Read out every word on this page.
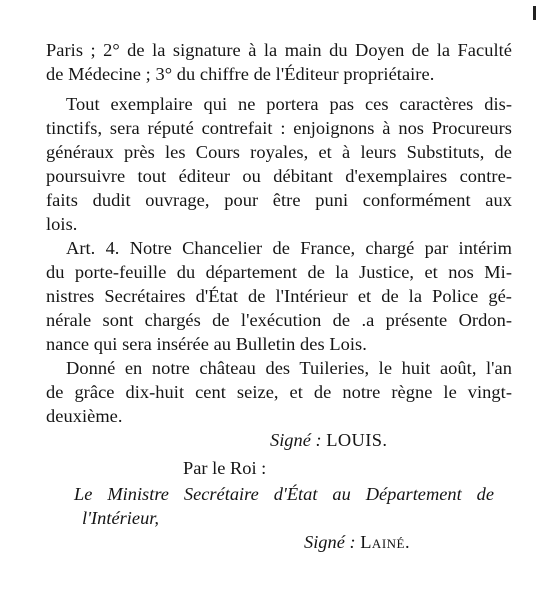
Paris ; 2° de la signature à la main du Doyen de la Faculté
de Médecine ; 3° du chiffre de l'Éditeur propriétaire.
Tout exemplaire qui ne portera pas ces caractères dis-
tinctifs, sera réputé contrefait : enjoignons à nos Procureurs
généraux près les Cours royales, et à leurs Substituts, de
poursuivre tout éditeur ou débitant d'exemplaires contre-
faits dudit ouvrage, pour être puni conformément aux
lois.
Art. 4. Notre Chancelier de France, chargé par intérim
du porte-feuille du département de la Justice, et nos Mi-
nistres Secrétaires d'État de l'Intérieur et de la Police gé-
nérale sont chargés de l'exécution de .a présente Ordon-
nance qui sera insérée au Bulletin des Lois.
Donné en notre château des Tuileries, le huit août, l'an
de grâce dix-huit cent seize, et de notre règne le vingt-
deuxième.
Signé : LOUIS.
Par le Roi :
Le Ministre Secrétaire d'État au Département de
l'Intérieur,
Signé : Lainé.
